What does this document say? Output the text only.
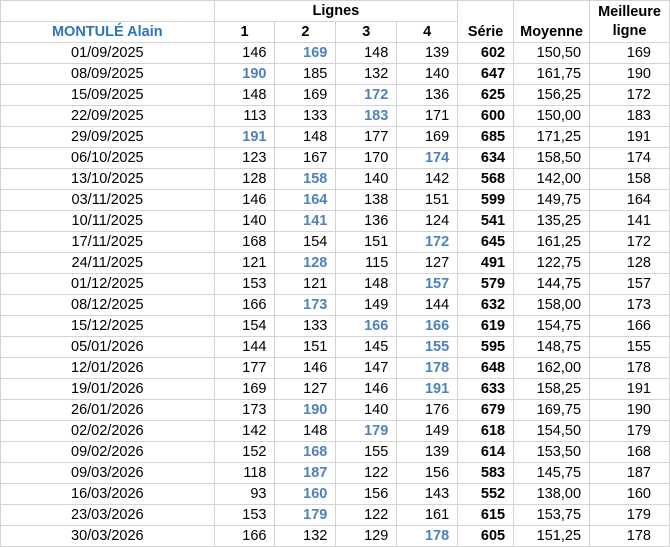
	Lignes				Série	Moyenne	Meilleure
ligne
MONTULÉ Alain	1	2	3	4			
01/09/2025	146	169	148	139	602	150,50	169
08/09/2025	190	185	132	140	647	161,75	190
15/09/2025	148	169	172	136	625	156,25	172
22/09/2025	113	133	183	171	600	150,00	183
29/09/2025	191	148	177	169	685	171,25	191
06/10/2025	123	167	170	174	634	158,50	174
13/10/2025	128	158	140	142	568	142,00	158
03/11/2025	146	164	138	151	599	149,75	164
10/11/2025	140	141	136	124	541	135,25	141
17/11/2025	168	154	151	172	645	161,25	172
24/11/2025	121	128	115	127	491	122,75	128
01/12/2025	153	121	148	157	579	144,75	157
08/12/2025	166	173	149	144	632	158,00	173
15/12/2025	154	133	166	166	619	154,75	166
05/01/2026	144	151	145	155	595	148,75	155
12/01/2026	177	146	147	178	648	162,00	178
19/01/2026	169	127	146	191	633	158,25	191
26/01/2026	173	190	140	176	679	169,75	190
02/02/2026	142	148	179	149	618	154,50	179
09/02/2026	152	168	155	139	614	153,50	168
09/03/2026	118	187	122	156	583	145,75	187
16/03/2026	93	160	156	143	552	138,00	160
23/03/2026	153	179	122	161	615	153,75	179
30/03/2026	166	132	129	178	605	151,25	178
